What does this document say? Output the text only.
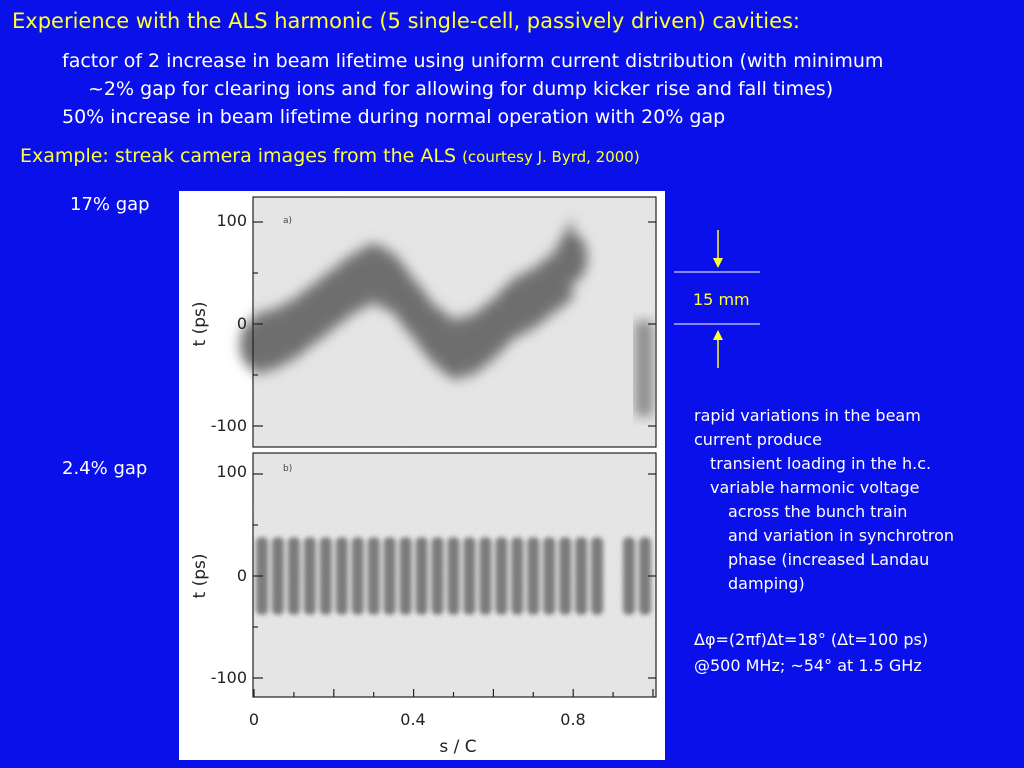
Experience with the ALS harmonic (5 single-cell, passively driven) cavities:
factor of 2 increase in beam lifetime using uniform current distribution (with minimum
~2% gap for clearing ions and for allowing for dump kicker rise and fall times)
50% increase in beam lifetime during normal operation with 20% gap
Example: streak camera images from the ALS (courtesy J. Byrd, 2000)
17% gap
2.4% gap
a)
b)
100
0
-100
t (ps)
100
0
-100
t (ps)
0	0.4	0.8
s / C
15 mm
rapid variations in the beam
current produce
transient loading in the h.c.
variable harmonic voltage
across the bunch train
and variation in synchrotron
phase (increased Landau
damping)
Δφ=(2πf)Δt=18° (Δt=100 ps)
@500 MHz; ~54° at 1.5 GHz
